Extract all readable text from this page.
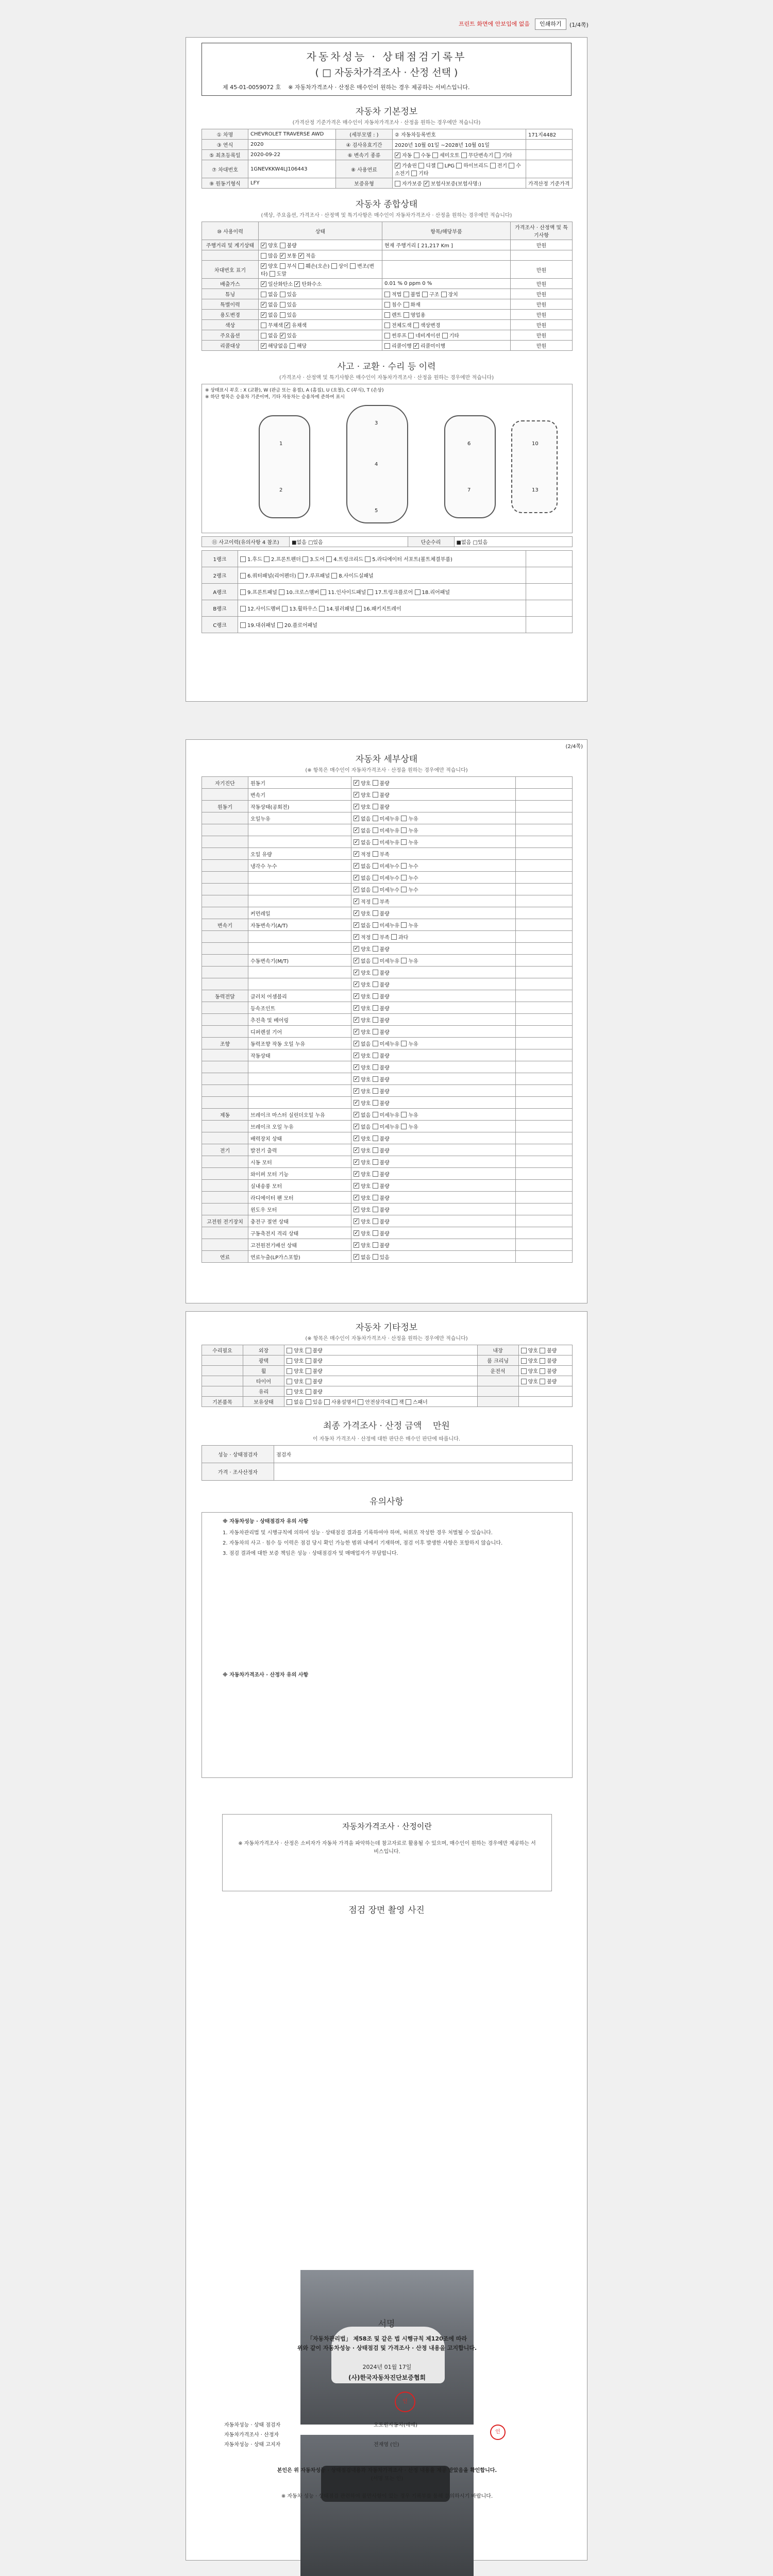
프린트 화면에 안보입에 없음	인쇄하기	(1/4쪽)
자동차성능 · 상태점검기록부
( □ 자동차가격조사 · 산정 선택 )
제 45-01-0059072 호 ※ 자동차가격조사 · 산정은 매수인이 원하는 경우 제공하는 서비스입니다.
자동차 기본정보
(가격산정 기준가격은 매수인이 자동차가격조사 · 산정을 원하는 경우에만 적습니다)
① 차명	CHEVROLET TRAVERSE AWD	(세부모델 : )	② 자동차등록번호	171지4482
③ 연식	2020	④ 검사유효기간	2020년 10월 01일 ~2028년 10월 01일	
⑤ 최초등록일	2020-09-22	⑥ 변속기 종류	✓ 자동 수동 세미오토 무단변속기 기타	
⑦ 차대번호	1GNEVKKW4LJ106443	⑧ 사용연료	✓ 가솔린 디젤 LPG 하이브리드 전기 수소전기 기타	
⑨ 원동기형식	LFY	보증유형	자가보증 ✓ 보험사보증(보험사명:)	가격산정 기준가격
자동차 종합상태
(색상, 주요옵션, 가격조사 · 산정액 및 특기사항은 매수인이 자동차가격조사 · 산정을 원하는 경우에만 적습니다)
⑩ 사용이력	상태	항목/해당부품	가격조사 · 산정액 및 특기사항
주행거리 및 계기상태	✓ 양호 불량	현재 주행거리 [ 21,217 Km ]	만원
	많음 ✓ 보통 ✓ 적음		
차대번호 표기	✓ 양호 부식 훼손(오손) 상이 변조(변타) 도말		만원
배출가스	✓ 일산화탄소 ✓ 탄화수소	0.01 % 0 ppm 0 %	만원
튜닝	없음 있음	적법 불법 구조 장치	만원
특별이력	✓ 없음 있음	침수 화재	만원
용도변경	✓ 없음 있음	렌트 영업용	만원
색상	무채색 ✓ 유채색	전체도색 색상변경	만원
주요옵션	없음 ✓ 있음	썬루프 네비게이션 기타	만원
리콜대상	✓ 해당없음 해당	리콜이행 ✓ 리콜미이행	만원
사고 · 교환 · 수리 등 이력
(가격조사 · 산정액 및 특기사항은 매수인이 자동차가격조사 · 산정을 원하는 경우에만 적습니다)
※ 상태표시 부호 : X (교환), W (판금 또는 용접), A (흠집), U (요철), C (부식), T (손상)
※ 하단 항목은 승용차 기준이며, 기타 자동차는 승용차에 준하여 표시
1
2
3
4
5
6
7
10
13
⑪ 사고이력(유의사항 4 참조)	■없음 □있음	단순수리	■없음 □있음
1랭크	1.후드 2.프론트펜더 3.도어 4.트렁크리드 5.라디에이터 서포트(볼트체결부품)	
2랭크	6.쿼터패널(리어펜더) 7.루프패널 8.사이드실패널	
A랭크	9.프론트패널 10.크로스멤버 11.인사이드패널 17.트렁크플로어 18.리어패널	
B랭크	12.사이드멤버 13.휠하우스 14.필러패널 16.패키지트레이	
C랭크	19.대쉬패널 20.플로어패널	
(2/4쪽)
자동차 세부상태
(※ 항목은 매수인이 자동차가격조사 · 산정을 원하는 경우에만 적습니다)
자기진단	원동기	✓ 양호 불량	
	변속기	✓ 양호 불량	
원동기	작동상태(공회전)	✓ 양호 불량	
	오일누유	✓ 없음 미세누유 누유	
		✓ 없음 미세누유 누유	
		✓ 없음 미세누유 누유	
	오일 유량	✓ 적정 부족	
	냉각수 누수	✓ 없음 미세누수 누수	
		✓ 없음 미세누수 누수	
		✓ 없음 미세누수 누수	
		✓ 적정 부족	
	커먼레일	✓ 양호 불량	
변속기	자동변속기(A/T)	✓ 없음 미세누유 누유	
		✓ 적정 부족 과다	
		✓ 양호 불량	
	수동변속기(M/T)	✓ 없음 미세누유 누유	
		✓ 양호 불량	
		✓ 양호 불량	
동력전달	클러치 어셈블리	✓ 양호 불량	
	등속조인트	✓ 양호 불량	
	추진축 및 베어링	✓ 양호 불량	
	디퍼렌셜 기어	✓ 양호 불량	
조향	동력조향 작동 오일 누유	✓ 없음 미세누유 누유	
	작동상태	✓ 양호 불량	
		✓ 양호 불량	
		✓ 양호 불량	
		✓ 양호 불량	
		✓ 양호 불량	
제동	브레이크 마스터 실린더오일 누유	✓ 없음 미세누유 누유	
	브레이크 오일 누유	✓ 없음 미세누유 누유	
	배력장치 상태	✓ 양호 불량	
전기	발전기 출력	✓ 양호 불량	
	시동 모터	✓ 양호 불량	
	와이퍼 모터 기능	✓ 양호 불량	
	실내송풍 모터	✓ 양호 불량	
	라디에이터 팬 모터	✓ 양호 불량	
	윈도우 모터	✓ 양호 불량	
고전원 전기장치	충전구 절연 상태	✓ 양호 불량	
	구동축전지 격리 상태	✓ 양호 불량	
	고전원전기배선 상태	✓ 양호 불량	
연료	연료누출(LP가스포함)	✓ 없음 있음	
자동차 기타정보
(※ 항목은 매수인이 자동차가격조사 · 산정을 원하는 경우에만 적습니다)
수리필요	외장	양호 불량	내장	양호 불량
	광택	양호 불량	룸 크리닝	양호 불량
	휠	양호 불량	운전석	양호 불량
	타이어	양호 불량		양호 불량
	유리	양호 불량		
기본품목	보유상태	없음 있음 사용설명서 안전삼각대 잭 스패너		
최종 가격조사 · 산정 금액 만원
이 자동차 가격조사 · 산정에 대한 판단은 매수인 판단에 따릅니다.
성능 · 상태점검자	점검자
가격 · 조사산정자	
유의사항
※ 자동차성능 · 상태점검자 유의 사항
1. 자동차관리법 및 시행규칙에 의하여 성능 · 상태점검 결과를 기록하여야 하며, 허위로 작성한 경우 처벌될 수 있습니다.
2. 자동차의 사고 · 침수 등 이력은 점검 당시 확인 가능한 범위 내에서 기재하며, 점검 이후 발생한 사항은 포함하지 않습니다.
3. 점검 결과에 대한 보증 책임은 성능 · 상태점검자 및 매매업자가 부담합니다.
※ 자동차가격조사 · 산정자 유의 사항
자동차가격조사 · 산정이란
※ 자동차가격조사 · 산정은 소비자가 자동차 가격을 파악하는데 참고자료로 활용될 수 있으며, 매수인이 원하는 경우에만 제공하는 서비스입니다.
점검 장면 촬영 사진
서명
「자동차관리법」 제58조 및 같은 법 시행규칙 제120조에 따라
위와 같이 자동차성능 · 상태점검 및 가격조사 · 산정 내용을 고지합니다.
2024년 01월 17일
(사)한국자동차진단보증협회
인
자동차성능 · 상태 점검자	오토원자동차(매매)
자동차가격조사 · 산정자	
자동차성능 · 상태 고지자	전재영 (인)
인
본인은 위 자동차성능 · 상태점검내용과 자동차가격조사 · 산정 내용을 제공 받았음을 확인합니다.
(서명 또는 인)
※ 자동차 성능 · 상태점검 관련하여 불만사항이 있는 경우 기록부를 통해 문의하시기 바랍니다.
